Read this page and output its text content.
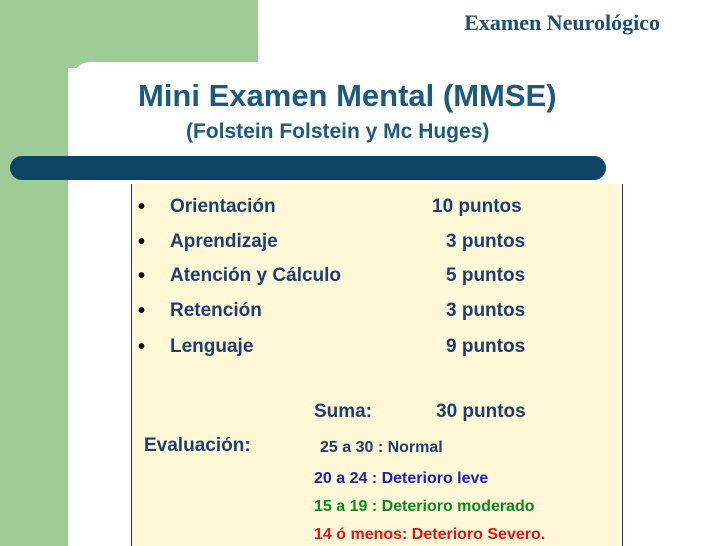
Examen Neurológico
Mini Examen Mental (MMSE)
(Folstein Folstein y Mc Huges)
• Orientación	10 puntos
• Aprendizaje	3 puntos
• Atención y Cálculo	5 puntos
• Retención	3 puntos
• Lenguaje	9 puntos
Suma:	30 puntos
Evaluación:	25 a 30 : Normal
20 a 24 : Deterioro leve
15 a 19 : Deterioro moderado
14 ó menos: Deterioro Severo.
